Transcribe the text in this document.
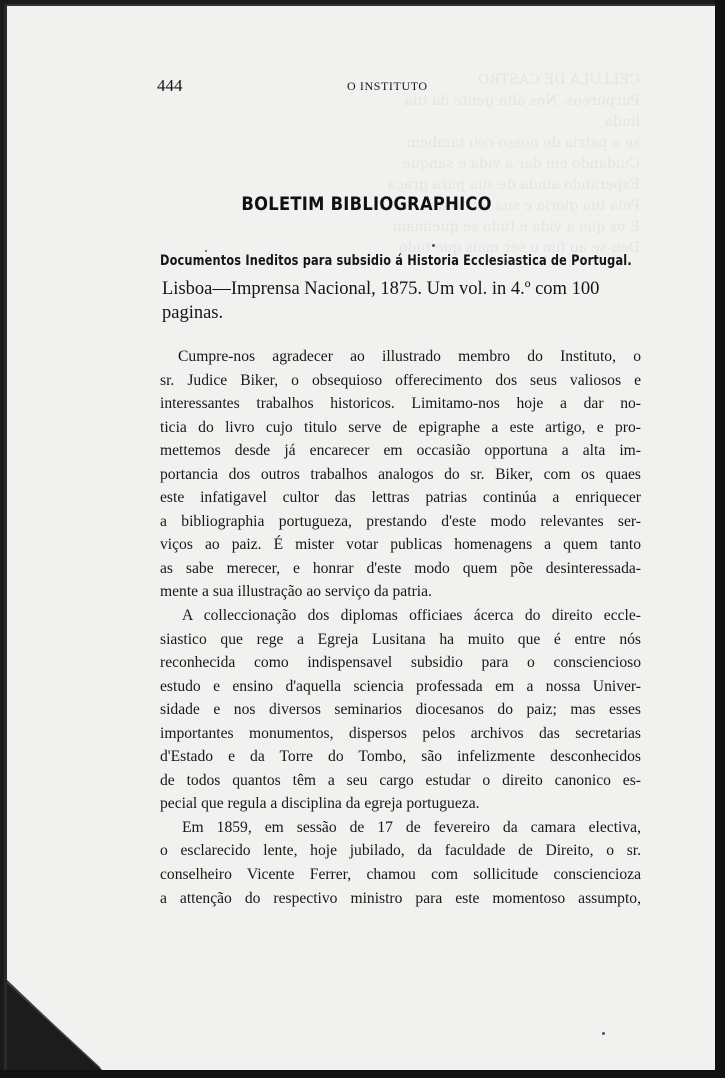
444	O INSTITUTO
BOLETIM BIBLIOGRAPHICO
Documentos Ineditos para subsidio á Historia Ecclesiastica de Portugal.
Lisboa—Imprensa Nacional, 1875. Um vol. in 4.º com 100
paginas.
Cumpre-nos agradecer ao illustrado membro do Instituto, o
sr. Judice Biker, o obsequioso offerecimento dos seus valiosos e
interessantes trabalhos historicos. Limitamo-nos hoje a dar no-
ticia do livro cujo titulo serve de epigraphe a este artigo, e pro-
mettemos desde já encarecer em occasião opportuna a alta im-
portancia dos outros trabalhos analogos do sr. Biker, com os quaes
este infatigavel cultor das lettras patrias continúa a enriquecer
a bibliographia portugueza, prestando d'este modo relevantes ser-
viços ao paiz. É mister votar publicas homenagens a quem tanto
as sabe merecer, e honrar d'este modo quem põe desinteressada-
mente a sua illustração ao serviço da patria.
A colleccionação dos diplomas officiaes ácerca do direito eccle-
siastico que rege a Egreja Lusitana ha muito que é entre nós
reconhecida como indispensavel subsidio para o consciencioso
estudo e ensino d'aquella sciencia professada em a nossa Univer-
sidade e nos diversos seminarios diocesanos do paiz; mas esses
importantes monumentos, dispersos pelos archivos das secretarias
d'Estado e da Torre do Tombo, são infelizmente desconhecidos
de todos quantos têm a seu cargo estudar o direito canonico es-
pecial que regula a disciplina da egreja portugueza.
Em 1859, em sessão de 17 de fevereiro da camara electiva,
o esclarecido lente, hoje jubilado, da faculdade de Direito, o sr.
conselheiro Vicente Ferrer, chamou com sollicitude consciencioza
a attenção do respectivo ministro para este momentoso assumpto,
